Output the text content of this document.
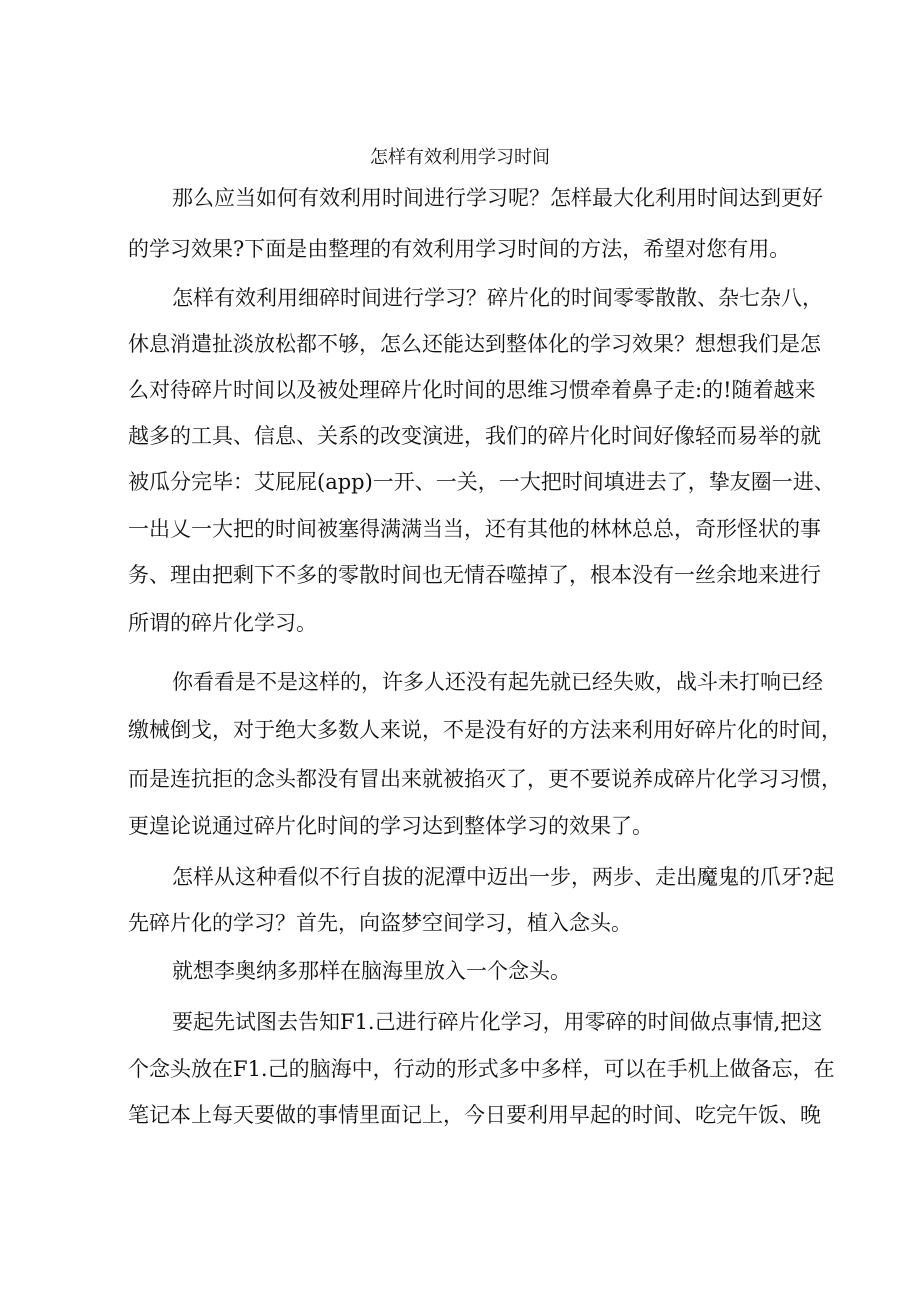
怎样有效利用学习时间

那么应当如何有效利用时间进行学习呢？怎样最大化利用时间达到更好

的学习效果?下面是由整理的有效利用学习时间的方法，希望对您有用。

怎样有效利用细碎时间进行学习？碎片化的时间零零散散、杂七杂八，

休息消遣扯淡放松都不够，怎么还能达到整体化的学习效果？想想我们是怎

么对待碎片时间以及被处理碎片化时间的思维习惯牵着鼻子走:的!随着越来

越多的工具、信息、关系的改变演进，我们的碎片化时间好像轻而易举的就

被瓜分完毕：艾屁屁(app)一开、一关，一大把时间填进去了，挚友圈一进、

一出乂一大把的时间被塞得满满当当，还有其他的林林总总，奇形怪状的事

务、理由把剩下不多的零散时间也无情吞噬掉了，根本没有一丝余地来进行

所谓的碎片化学习。

你看看是不是这样的，许多人还没有起先就已经失败，战斗未打响已经

缴械倒戈，对于绝大多数人来说，不是没有好的方法来利用好碎片化的时间，

而是连抗拒的念头都没有冒出来就被掐灭了，更不要说养成碎片化学习习惯，

更遑论说通过碎片化时间的学习达到整体学习的效果了。

怎样从这种看似不行自拔的泥潭中迈出一步，两步、走出魔鬼的爪牙?起

先碎片化的学习？首先，向盗梦空间学习，植入念头。

就想李奥纳多那样在脑海里放入一个念头。

要起先试图去告知F1.己进行碎片化学习，用零碎的时间做点事情,把这

个念头放在F1.己的脑海中，行动的形式多中多样，可以在手机上做备忘，在

笔记本上每天要做的事情里面记上，今日要利用早起的时间、吃完午饭、晚
